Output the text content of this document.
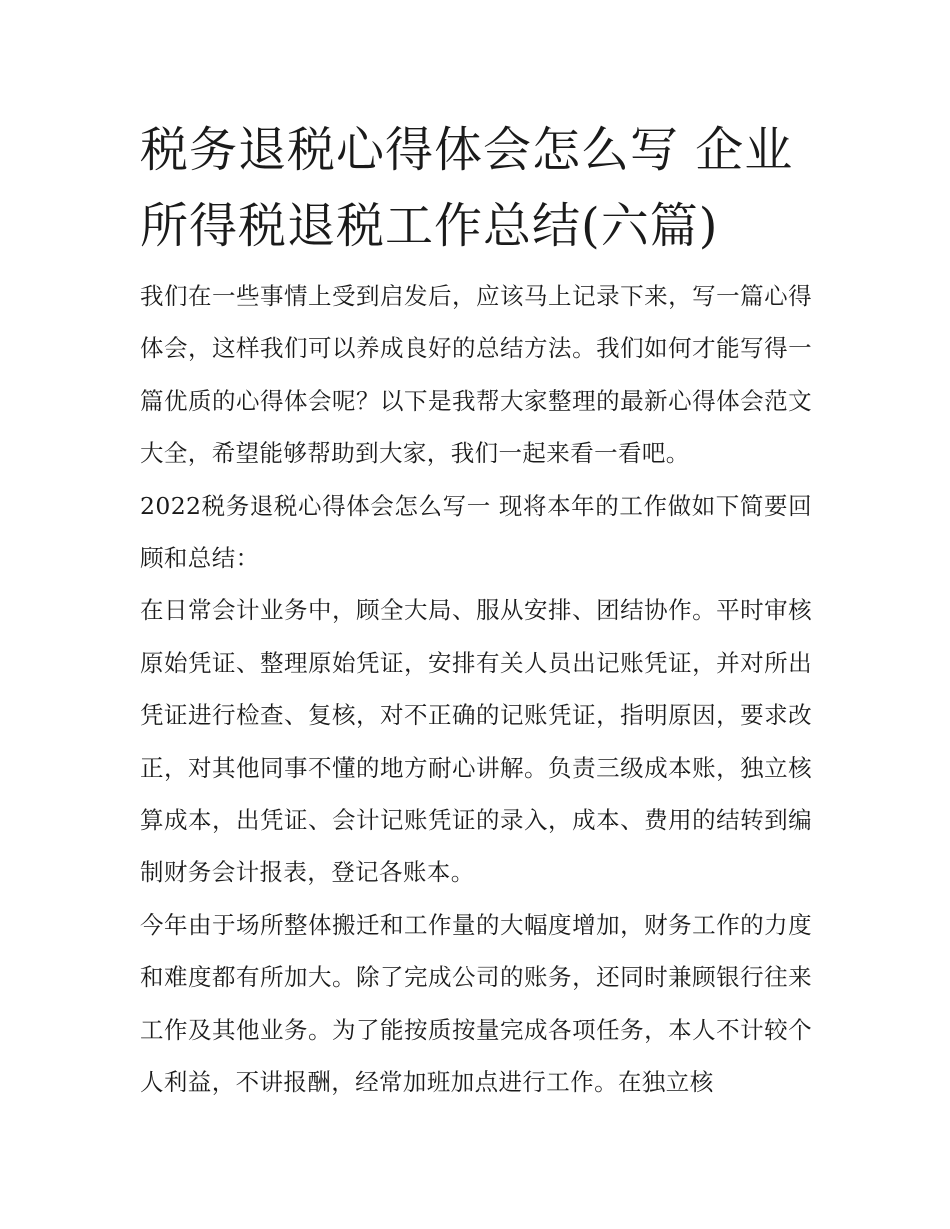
税务退税心得体会怎么写 企业所得税退税工作总结(六篇)

我们在一些事情上受到启发后，应该马上记录下来，写一篇心得体会，这样我们可以养成良好的总结方法。我们如何才能写得一篇优质的心得体会呢？以下是我帮大家整理的最新心得体会范文大全，希望能够帮助到大家，我们一起来看一看吧。

2022税务退税心得体会怎么写一 现将本年的工作做如下简要回顾和总结：

在日常会计业务中，顾全大局、服从安排、团结协作。平时审核原始凭证、整理原始凭证，安排有关人员出记账凭证，并对所出凭证进行检查、复核，对不正确的记账凭证，指明原因，要求改正，对其他同事不懂的地方耐心讲解。负责三级成本账，独立核算成本，出凭证、会计记账凭证的录入，成本、费用的结转到编制财务会计报表，登记各账本。

今年由于场所整体搬迁和工作量的大幅度增加，财务工作的力度和难度都有所加大。除了完成公司的账务，还同时兼顾银行往来工作及其他业务。为了能按质按量完成各项任务，本人不计较个人利益，不讲报酬，经常加班加点进行工作。在独立核
